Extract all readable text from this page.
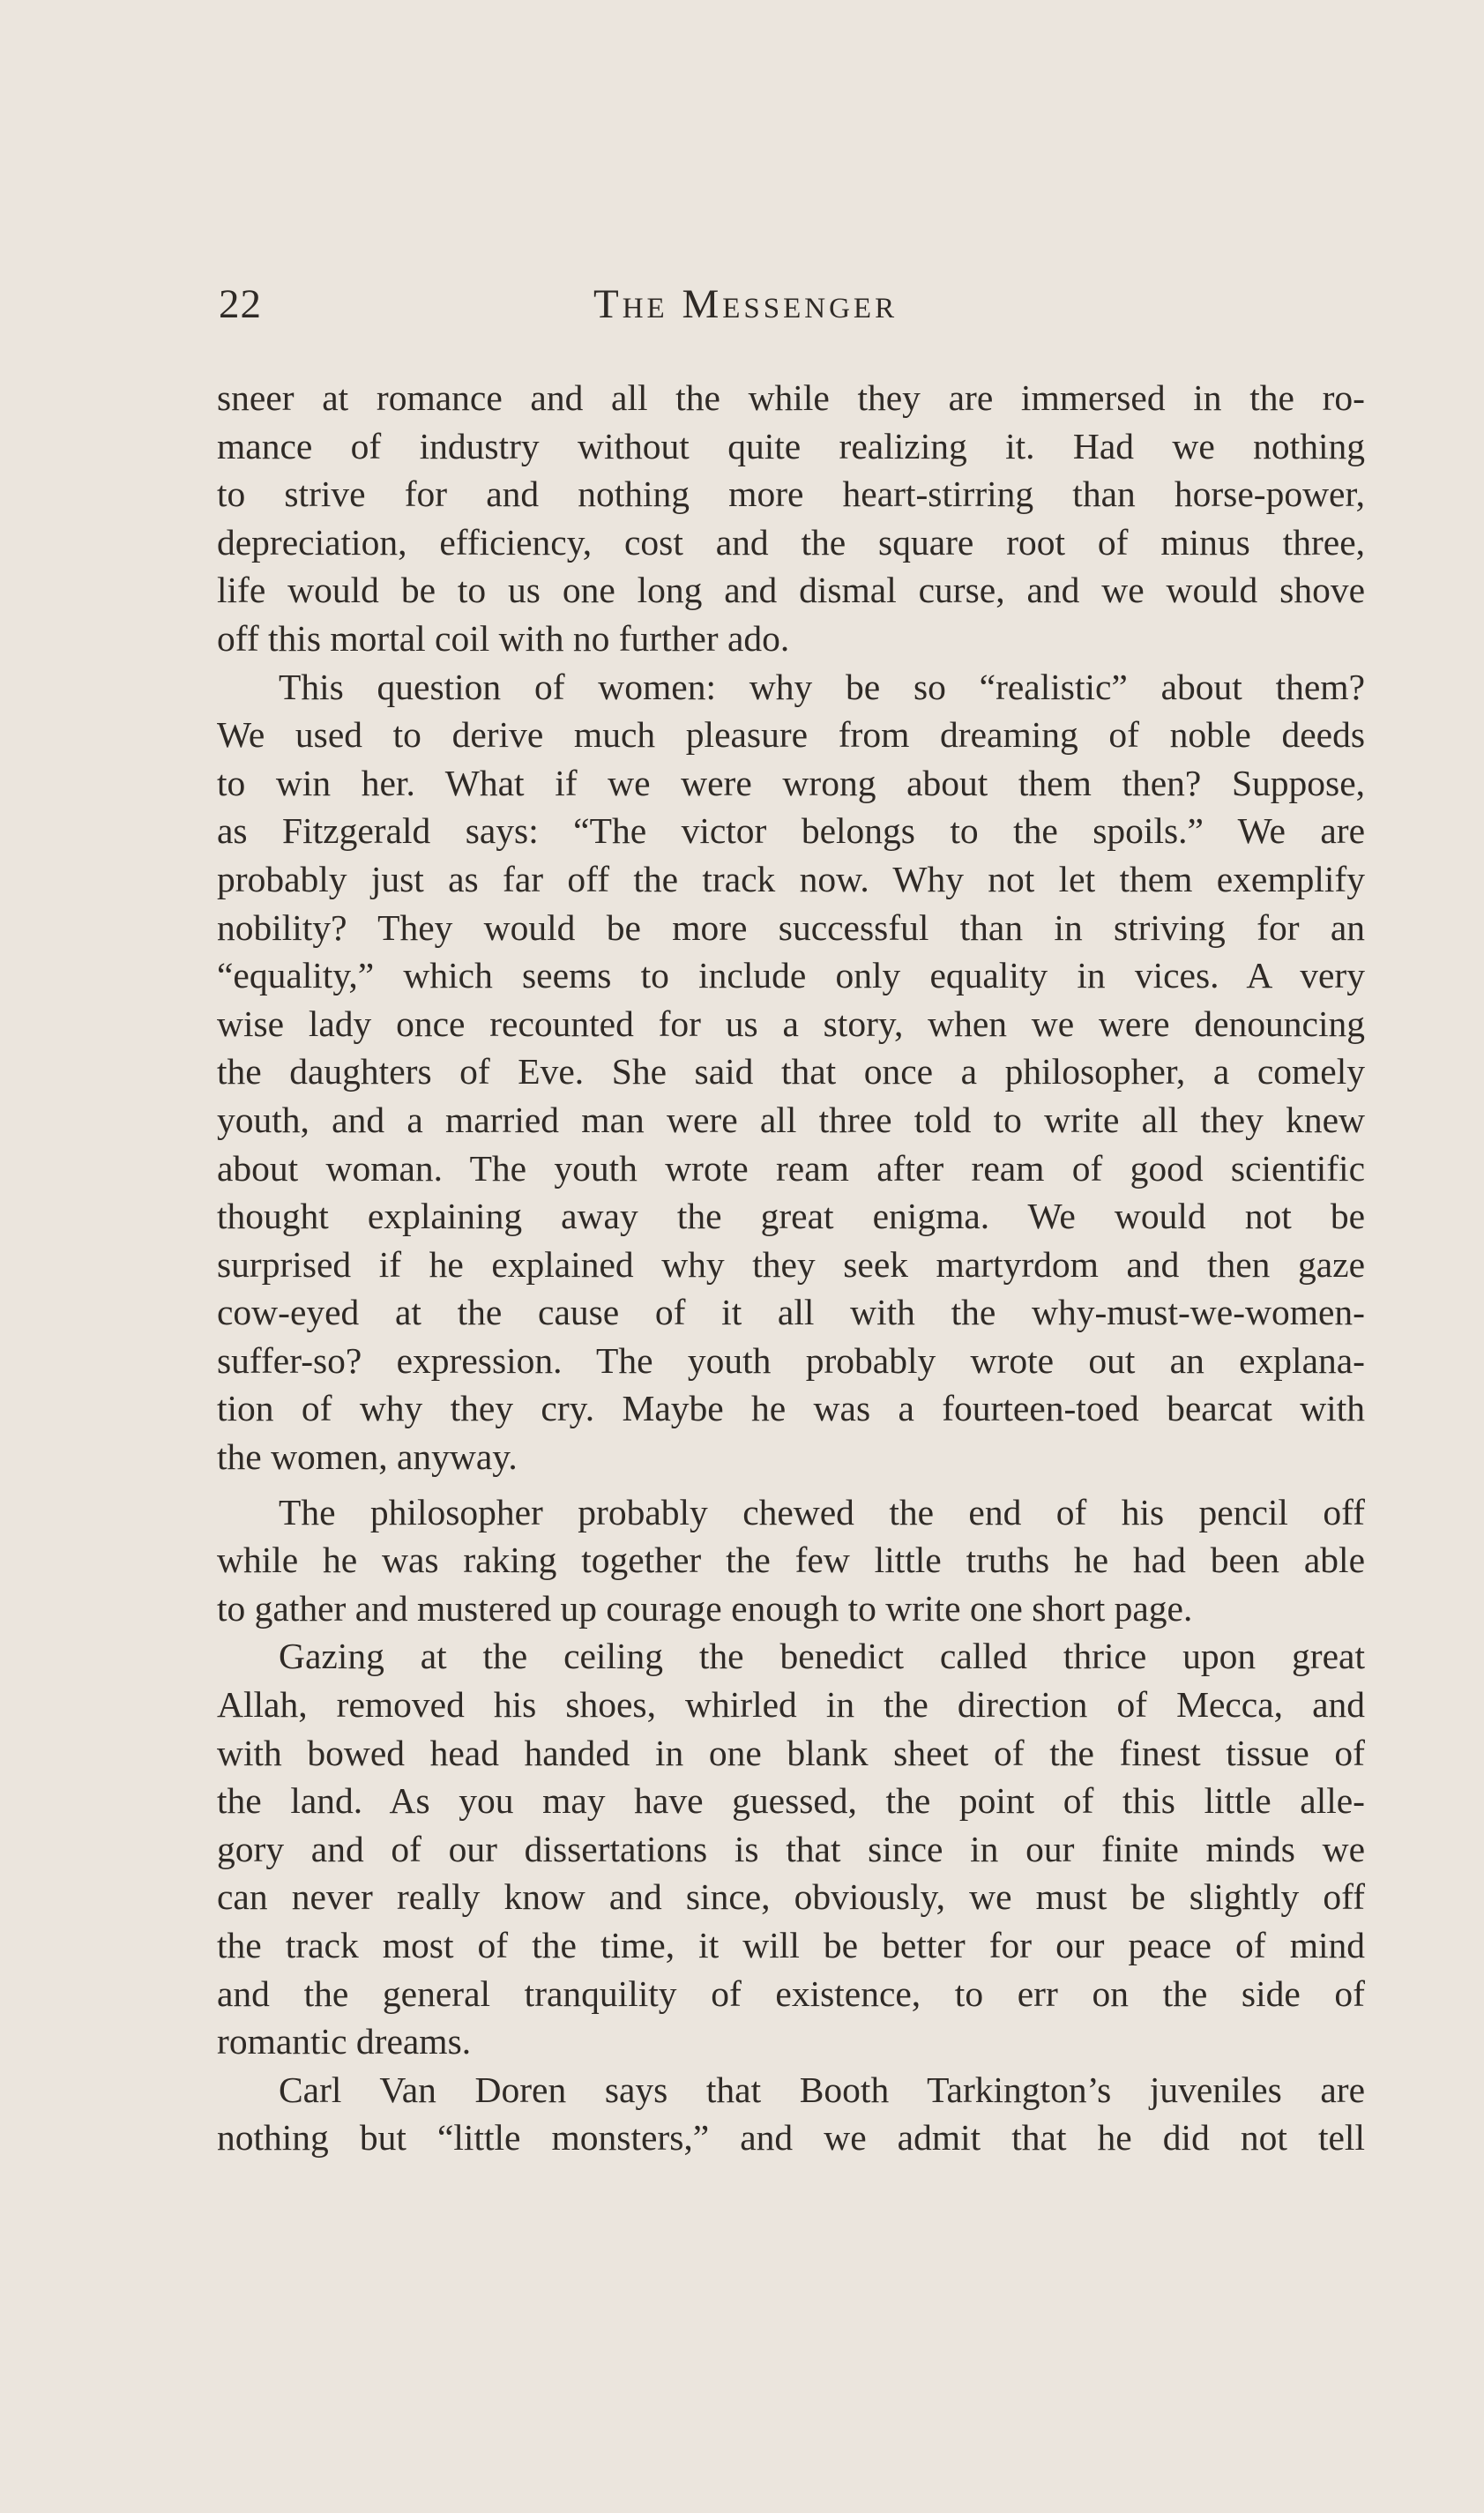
22	The Messenger
sneer at romance and all the while they are immersed in the ro-
mance of industry without quite realizing it. Had we nothing
to strive for and nothing more heart-stirring than horse-power,
depreciation, efficiency, cost and the square root of minus three,
life would be to us one long and dismal curse, and we would shove
off this mortal coil with no further ado.
This question of women: why be so “realistic” about them?
We used to derive much pleasure from dreaming of noble deeds
to win her. What if we were wrong about them then? Suppose,
as Fitzgerald says: “The victor belongs to the spoils.” We are
probably just as far off the track now. Why not let them exemplify
nobility? They would be more successful than in striving for an
“equality,” which seems to include only equality in vices. A very
wise lady once recounted for us a story, when we were denouncing
the daughters of Eve. She said that once a philosopher, a comely
youth, and a married man were all three told to write all they knew
about woman. The youth wrote ream after ream of good scientific
thought explaining away the great enigma. We would not be
surprised if he explained why they seek martyrdom and then gaze
cow-eyed at the cause of it all with the why-must-we-women-
suffer-so? expression. The youth probably wrote out an explana-
tion of why they cry. Maybe he was a fourteen-toed bearcat with
the women, anyway.
The philosopher probably chewed the end of his pencil off
while he was raking together the few little truths he had been able
to gather and mustered up courage enough to write one short page.
Gazing at the ceiling the benedict called thrice upon great
Allah, removed his shoes, whirled in the direction of Mecca, and
with bowed head handed in one blank sheet of the finest tissue of
the land. As you may have guessed, the point of this little alle-
gory and of our dissertations is that since in our finite minds we
can never really know and since, obviously, we must be slightly off
the track most of the time, it will be better for our peace of mind
and the general tranquility of existence, to err on the side of
romantic dreams.
Carl Van Doren says that Booth Tarkington’s juveniles are
nothing but “little monsters,” and we admit that he did not tell
